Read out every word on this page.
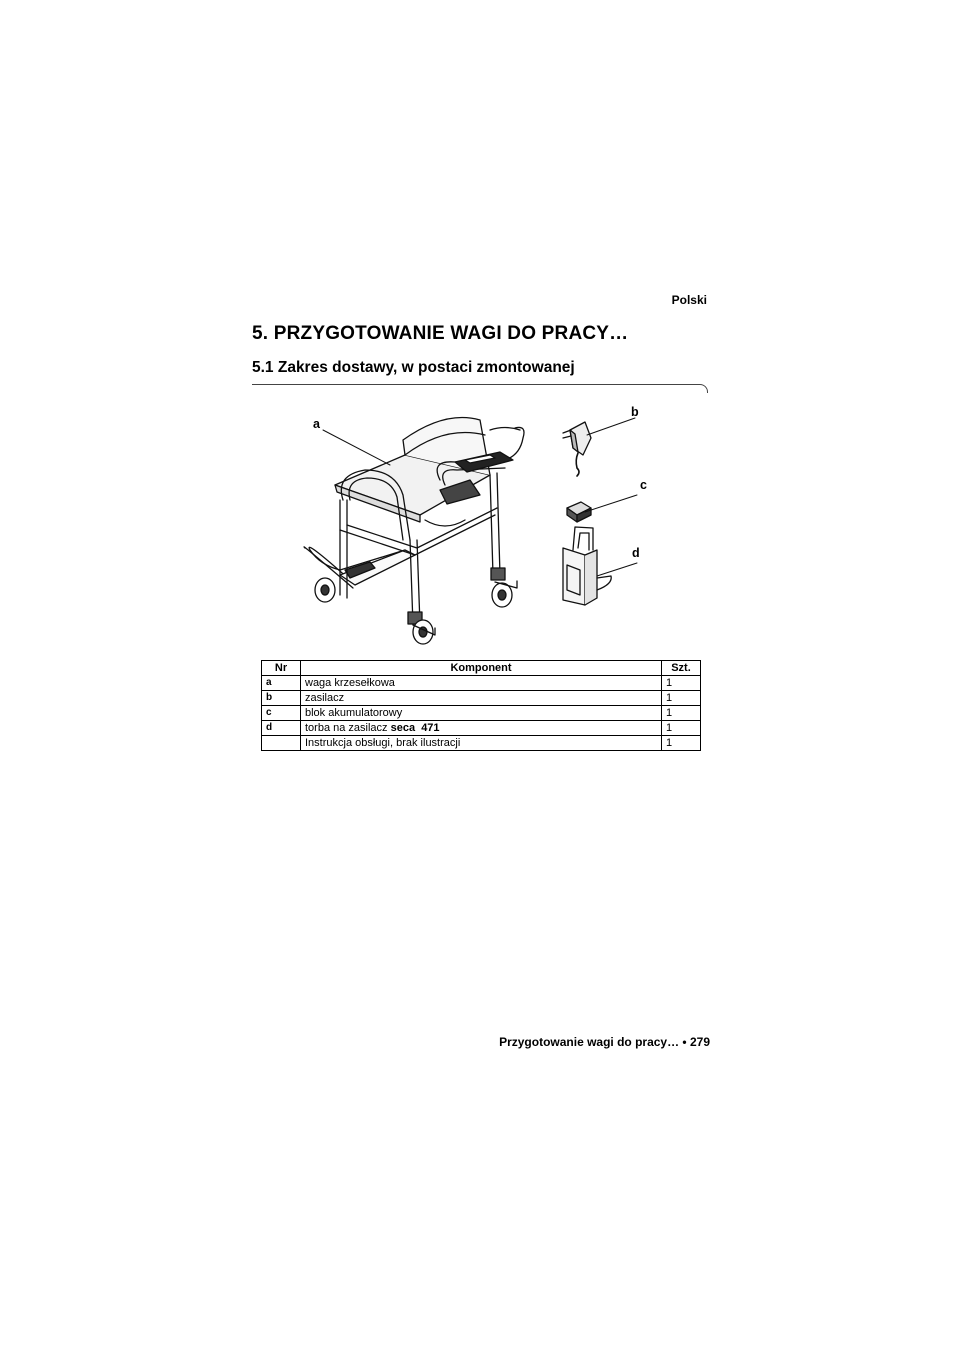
Polski
5. PRZYGOTOWANIE WAGI DO PRACY…
5.1 Zakres dostawy, w postaci zmontowanej
a
b
c
d
Nr	Komponent	Szt.
a	waga krzesełkowa	1
b	zasilacz	1
c	blok akumulatorowy	1
d	torba na zasilacz seca  471	1
	Instrukcja obsługi, brak ilustracji	1
Przygotowanie wagi do pracy… • 279
